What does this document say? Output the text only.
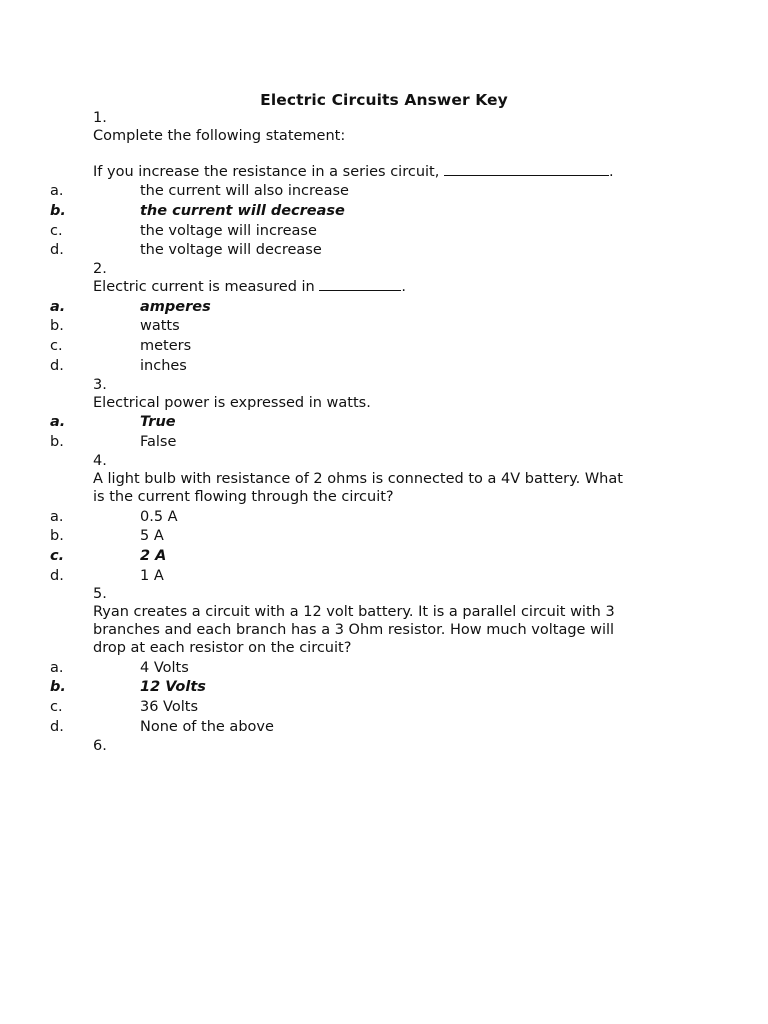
Electric Circuits Answer Key
1.
Complete the following statement:
If you increase the resistance in a series circuit,	.
a.	the current will also increase
b.	the current will decrease
c.	the voltage will increase
d.	the voltage will decrease
2.
Electric current is measured in	.
a.	amperes
b.	watts
c.	meters
d.	inches
3.
Electrical power is expressed in watts.
a.	True
b.	False
4.
A light bulb with resistance of 2 ohms is connected to a 4V battery. What
is the current flowing through the circuit?
a.	0.5 A
b.	5 A
c.	2 A
d.	1 A
5.
Ryan creates a circuit with a 12 volt battery. It is a parallel circuit with 3
branches and each branch has a 3 Ohm resistor. How much voltage will
drop at each resistor on the circuit?
a.	4 Volts
b.	12 Volts
c.	36 Volts
d.	None of the above
6.
